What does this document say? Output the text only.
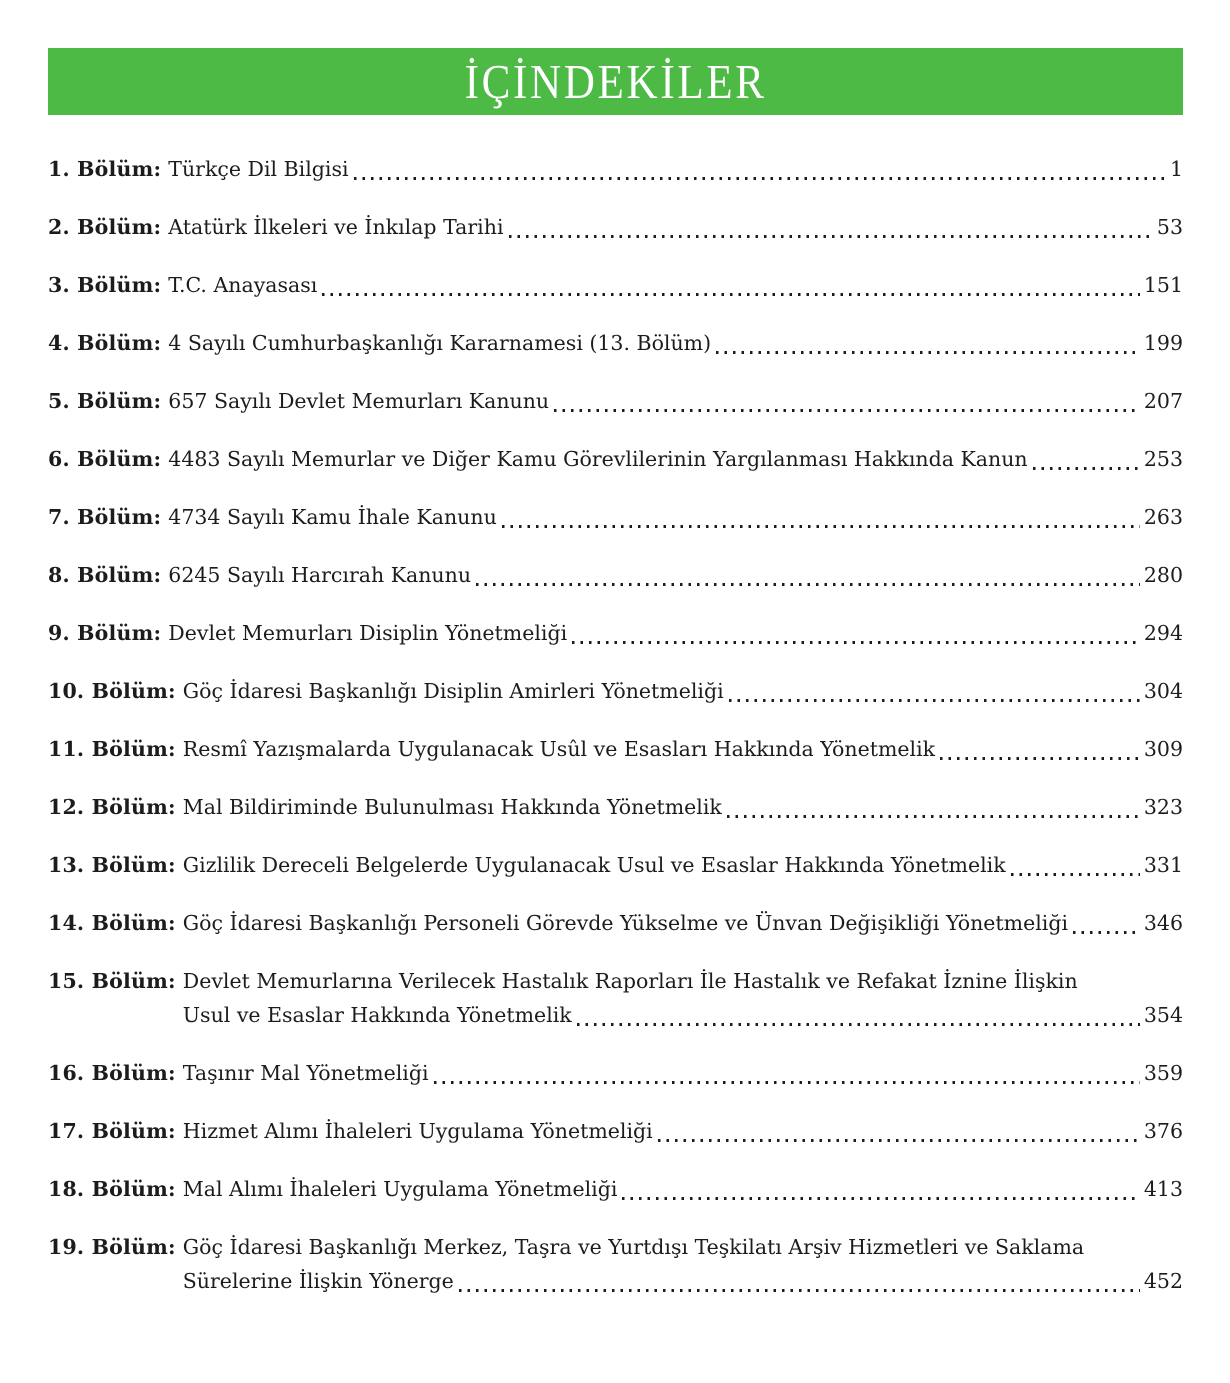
İÇİNDEKİLER
1. Bölüm: Türkçe Dil Bilgisi	1
2. Bölüm: Atatürk İlkeleri ve İnkılap Tarihi	53
3. Bölüm: T.C. Anayasası	151
4. Bölüm: 4 Sayılı Cumhurbaşkanlığı Kararnamesi (13. Bölüm)	199
5. Bölüm: 657 Sayılı Devlet Memurları Kanunu	207
6. Bölüm: 4483 Sayılı Memurlar ve Diğer Kamu Görevlilerinin Yargılanması Hakkında Kanun	253
7. Bölüm: 4734 Sayılı Kamu İhale Kanunu	263
8. Bölüm: 6245 Sayılı Harcırah Kanunu	280
9. Bölüm: Devlet Memurları Disiplin Yönetmeliği	294
10. Bölüm: Göç İdaresi Başkanlığı Disiplin Amirleri Yönetmeliği	304
11. Bölüm: Resmî Yazışmalarda Uygulanacak Usûl ve Esasları Hakkında Yönetmelik	309
12. Bölüm: Mal Bildiriminde Bulunulması Hakkında Yönetmelik	323
13. Bölüm: Gizlilik Dereceli Belgelerde Uygulanacak Usul ve Esaslar Hakkında Yönetmelik	331
14. Bölüm: Göç İdaresi Başkanlığı Personeli Görevde Yükselme ve Ünvan Değişikliği Yönetmeliği	346
15. Bölüm: Devlet Memurlarına Verilecek Hastalık Raporları İle Hastalık ve Refakat İznine İlişkin
Usul ve Esaslar Hakkında Yönetmelik	354
16. Bölüm: Taşınır Mal Yönetmeliği	359
17. Bölüm: Hizmet Alımı İhaleleri Uygulama Yönetmeliği	376
18. Bölüm: Mal Alımı İhaleleri Uygulama Yönetmeliği	413
19. Bölüm: Göç İdaresi Başkanlığı Merkez, Taşra ve Yurtdışı Teşkilatı Arşiv Hizmetleri ve Saklama
Sürelerine İlişkin Yönerge	452
